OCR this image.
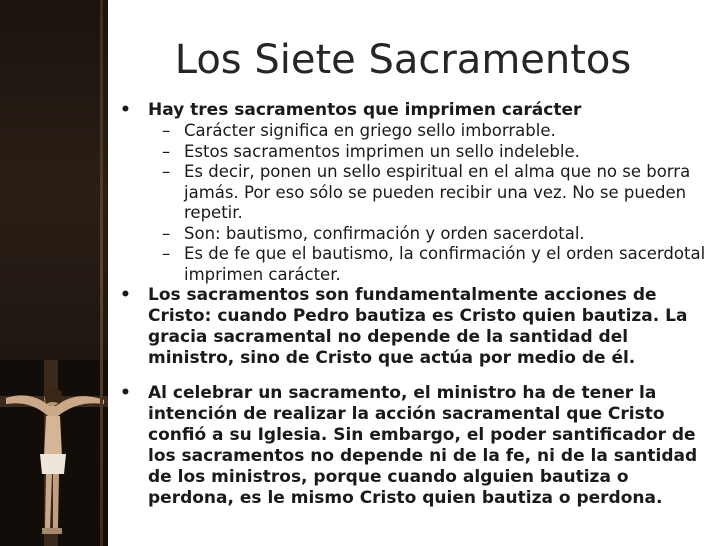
Los Siete Sacramentos
• Hay tres sacramentos que imprimen carácter
– Carácter significa en griego sello imborrable.
– Estos sacramentos imprimen un sello indeleble.
– Es decir, ponen un sello espiritual en el alma que no se borra jamás. Por eso sólo se pueden recibir una vez. No se pueden repetir.
– Son: bautismo, confirmación y orden sacerdotal.
– Es de fe que el bautismo, la confirmación y el orden sacerdotal imprimen carácter.
• Los sacramentos son fundamentalmente acciones de Cristo: cuando Pedro bautiza es Cristo quien bautiza. La gracia sacramental no depende de la santidad del ministro, sino de Cristo que actúa por medio de él.
• Al celebrar un sacramento, el ministro ha de tener la intención de realizar la acción sacramental que Cristo confió a su Iglesia. Sin embargo, el poder santificador de los sacramentos no depende ni de la fe, ni de la santidad de los ministros, porque cuando alguien bautiza o perdona, es le mismo Cristo quien bautiza o perdona.
